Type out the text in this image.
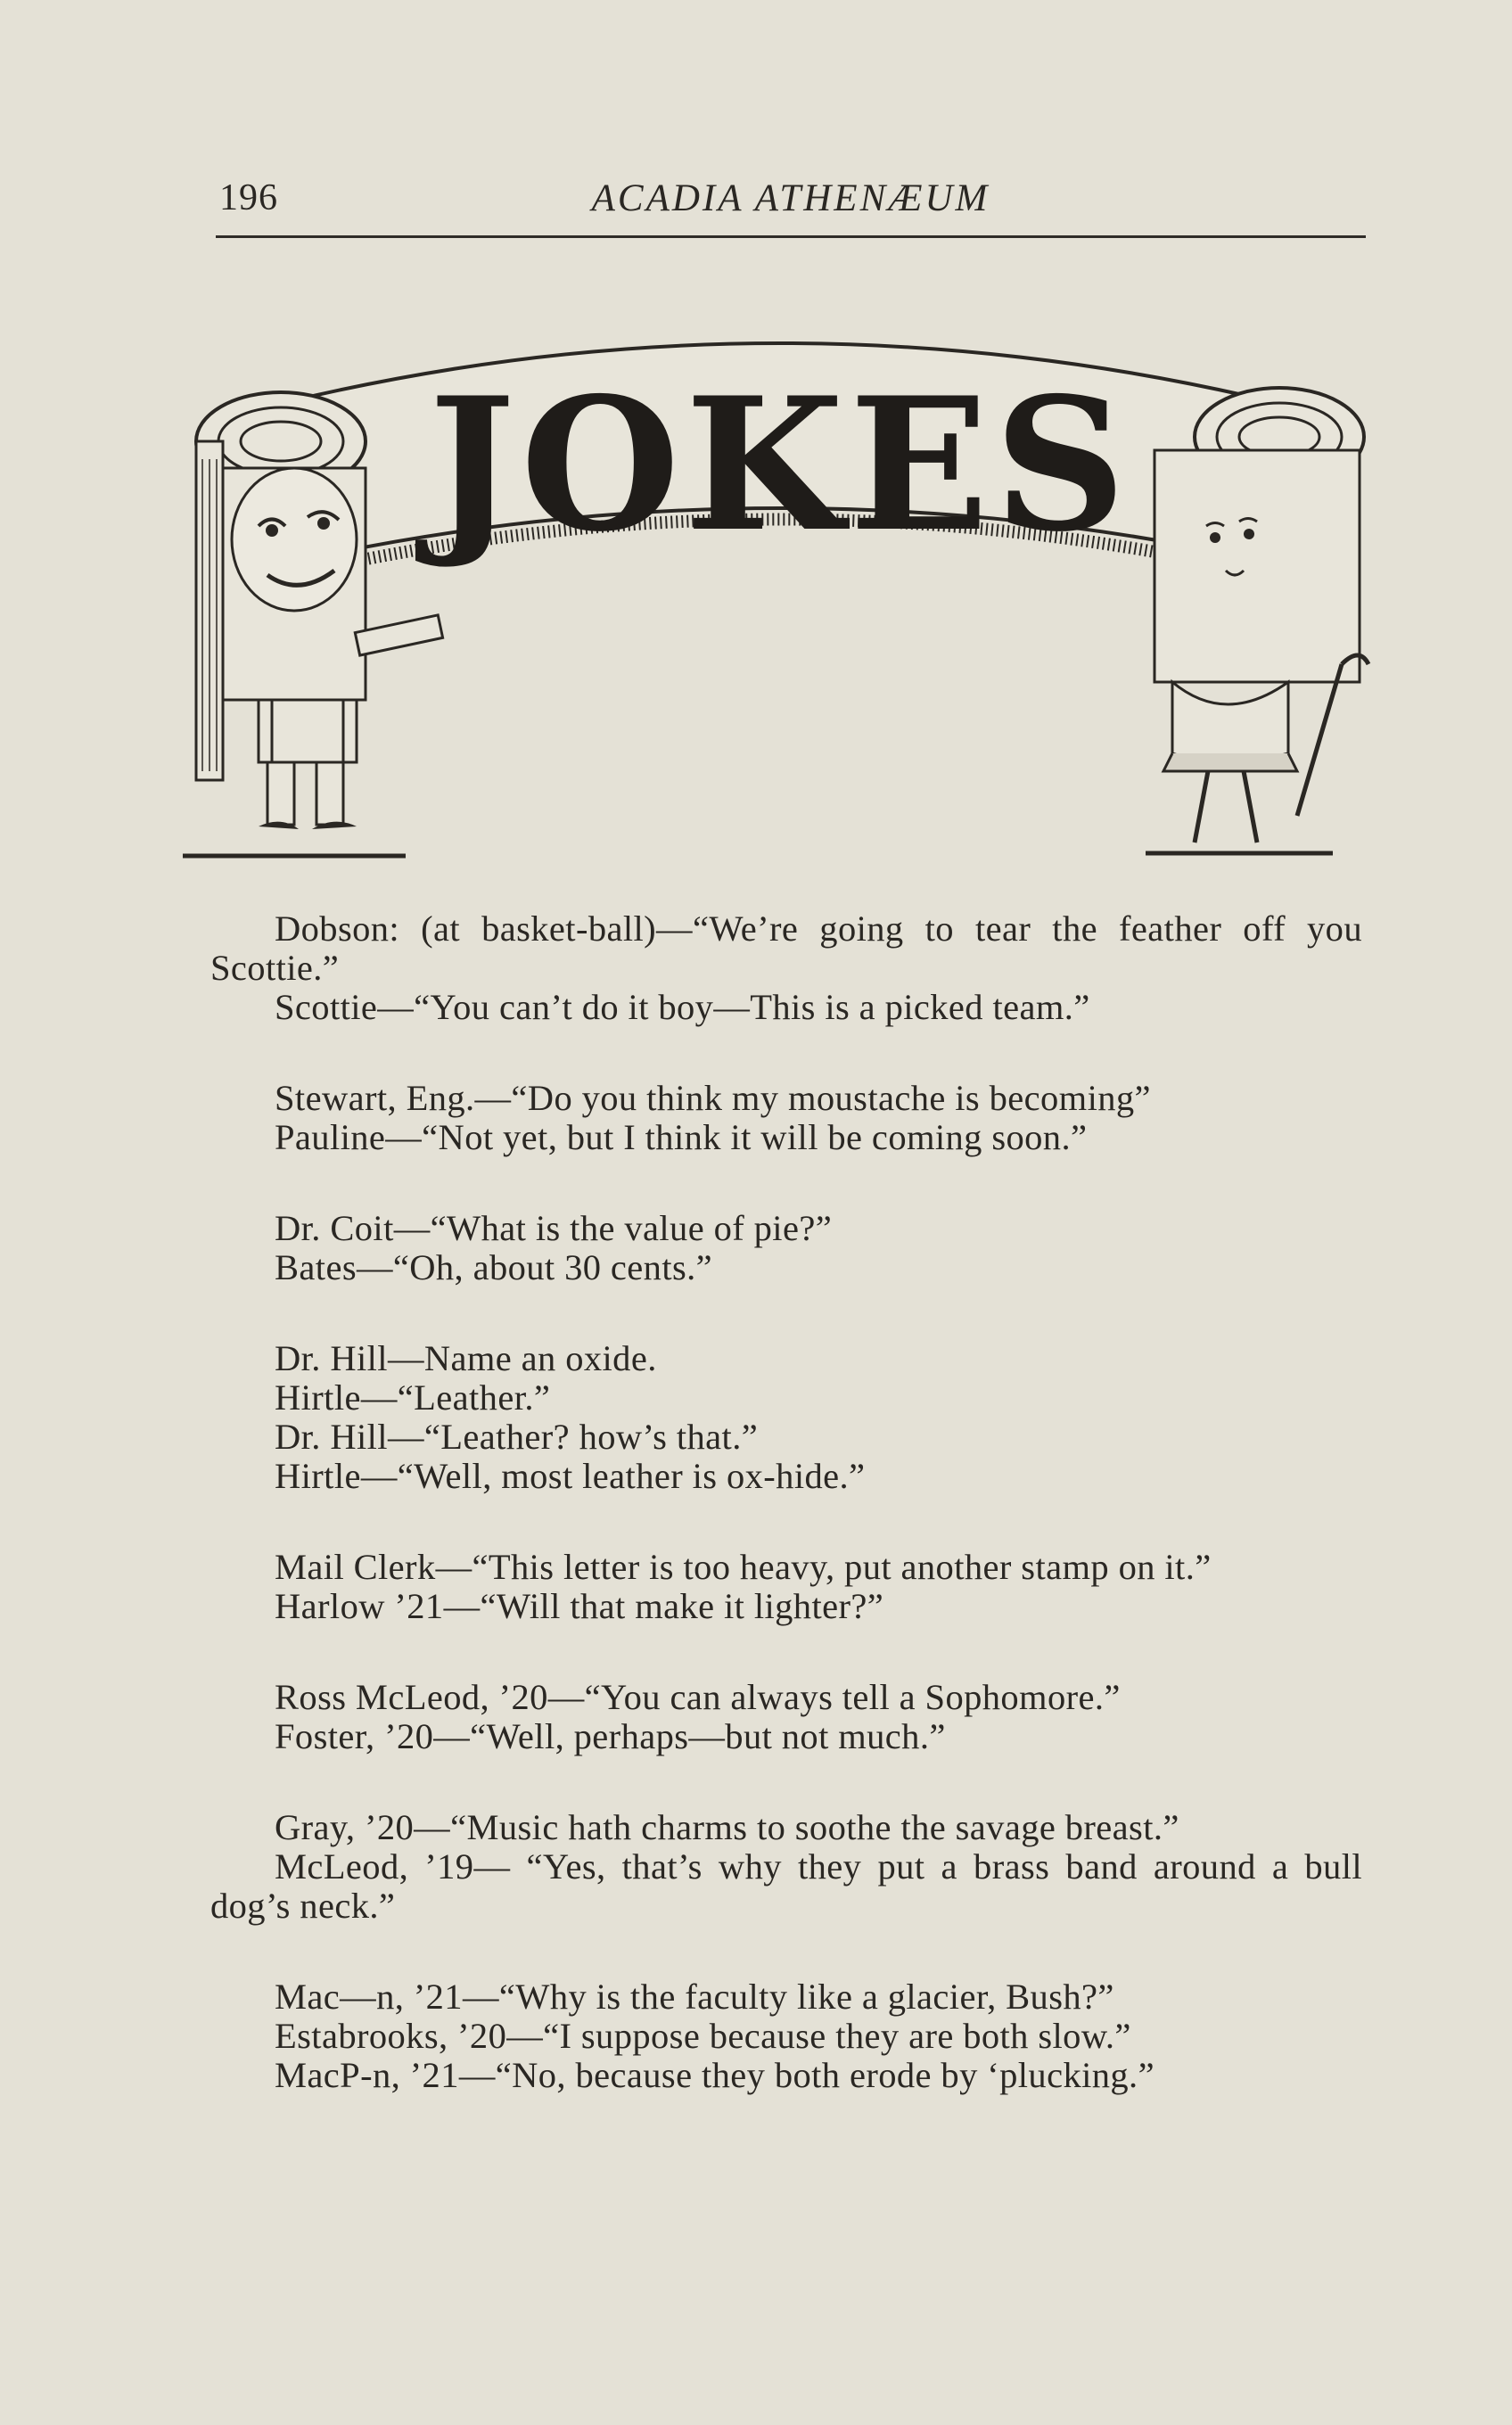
196	ACADIA ATHENÆUM
JOKES
Dobson: (at basket-ball)—“We’re going to tear the feather off you Scottie.”
Scottie—“You can’t do it boy—This is a picked team.”
Stewart, Eng.—“Do you think my moustache is becoming”
Pauline—“Not yet, but I think it will be coming soon.”
Dr. Coit—“What is the value of pie?”
Bates—“Oh, about 30 cents.”
Dr. Hill—Name an oxide.
Hirtle—“Leather.”
Dr. Hill—“Leather? how’s that.”
Hirtle—“Well, most leather is ox-hide.”
Mail Clerk—“This letter is too heavy, put another stamp on it.”
Harlow ’21—“Will that make it lighter?”
Ross McLeod, ’20—“You can always tell a Sophomore.”
Foster, ’20—“Well, perhaps—but not much.”
Gray, ’20—“Music hath charms to soothe the savage breast.”
McLeod, ’19— “Yes, that’s why they put a brass band around a bull dog’s neck.”
Mac—n, ’21—“Why is the faculty like a glacier, Bush?”
Estabrooks, ’20—“I suppose because they are both slow.”
MacP-n, ’21—“No, because they both erode by ‘plucking.”
